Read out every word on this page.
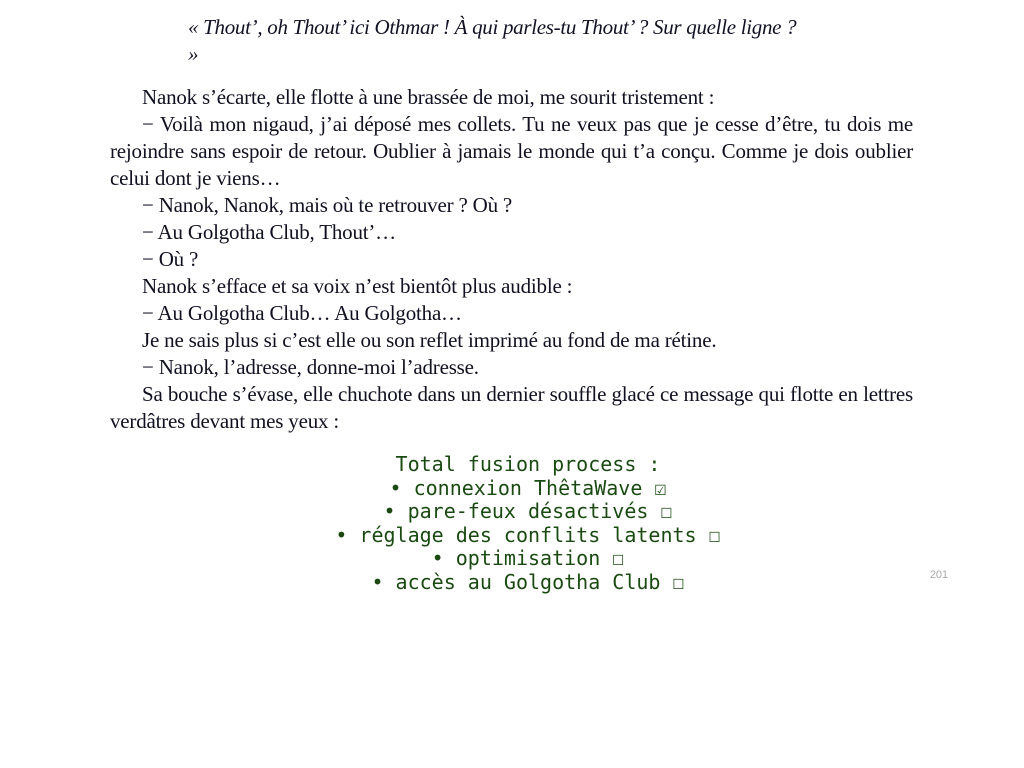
« Thout’, oh Thout’ ici Othmar ! À qui parles-tu Thout’ ? Sur quelle ligne ? »

Nanok s’écarte, elle flotte à une brassée de moi, me sourit tristement :

− Voilà mon nigaud, j’ai déposé mes collets. Tu ne veux pas que je cesse d’être, tu dois me rejoindre sans espoir de retour. Oublier à jamais le monde qui t’a conçu. Comme je dois oublier celui dont je viens…

− Nanok, Nanok, mais où te retrouver ? Où ?

− Au Golgotha Club, Thout’…

− Où ?

Nanok s’efface et sa voix n’est bientôt plus audible :

− Au Golgotha Club… Au Golgotha…

Je ne sais plus si c’est elle ou son reflet imprimé au fond de ma rétine.

− Nanok, l’adresse, donne-moi l’adresse.

Sa bouche s’évase, elle chuchote dans un dernier souffle glacé ce message qui flotte en lettres verdâtres devant mes yeux :

Total fusion process :
• connexion ThêtaWave ☑
• pare-feux désactivés ☐
• réglage des conflits latents ☐
• optimisation ☐
• accès au Golgotha Club ☐	201
